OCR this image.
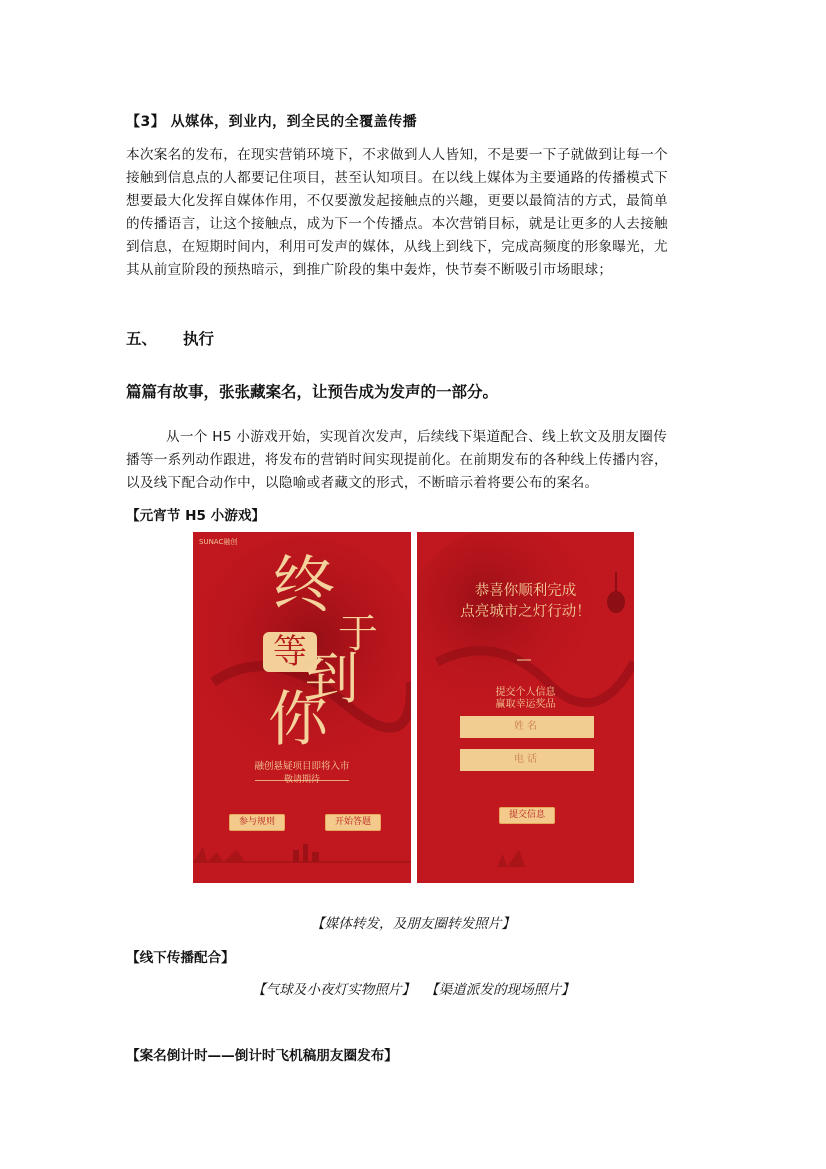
【3】 从媒体，到业内，到全民的全覆盖传播
本次案名的发布，在现实营销环境下，不求做到人人皆知，不是要一下子就做到让每一个
接触到信息点的人都要记住项目，甚至认知项目。在以线上媒体为主要通路的传播模式下
想要最大化发挥自媒体作用，不仅要激发起接触点的兴趣，更要以最简洁的方式，最简单
的传播语言，让这个接触点，成为下一个传播点。本次营销目标，就是让更多的人去接触
到信息，在短期时间内，利用可发声的媒体，从线上到线下，完成高频度的形象曝光，尤
其从前宣阶段的预热暗示，到推广阶段的集中轰炸，快节奏不断吸引市场眼球；
五、 执行
篇篇有故事，张张藏案名，让预告成为发声的一部分。
从一个 H5 小游戏开始，实现首次发声，后续线下渠道配合、线上软文及朋友圈传
播等一系列动作跟进，将发布的营销时间实现提前化。在前期发布的各种线上传播内容，
以及线下配合动作中，以隐喻或者藏文的形式，不断暗示着将要公布的案名。
【元宵节 H5 小游戏】
SUNAC融创
终
于
等
到
你
融创悬疑项目即将入市
敬请期待
参与规则	开始答题
恭喜你顺利完成
点亮城市之灯行动！
提交个人信息
赢取幸运奖品
姓名
电话
提交信息
【媒体转发，及朋友圈转发照片】
【线下传播配合】
【气球及小夜灯实物照片】 【渠道派发的现场照片】
【案名倒计时——倒计时飞机稿朋友圈发布】
